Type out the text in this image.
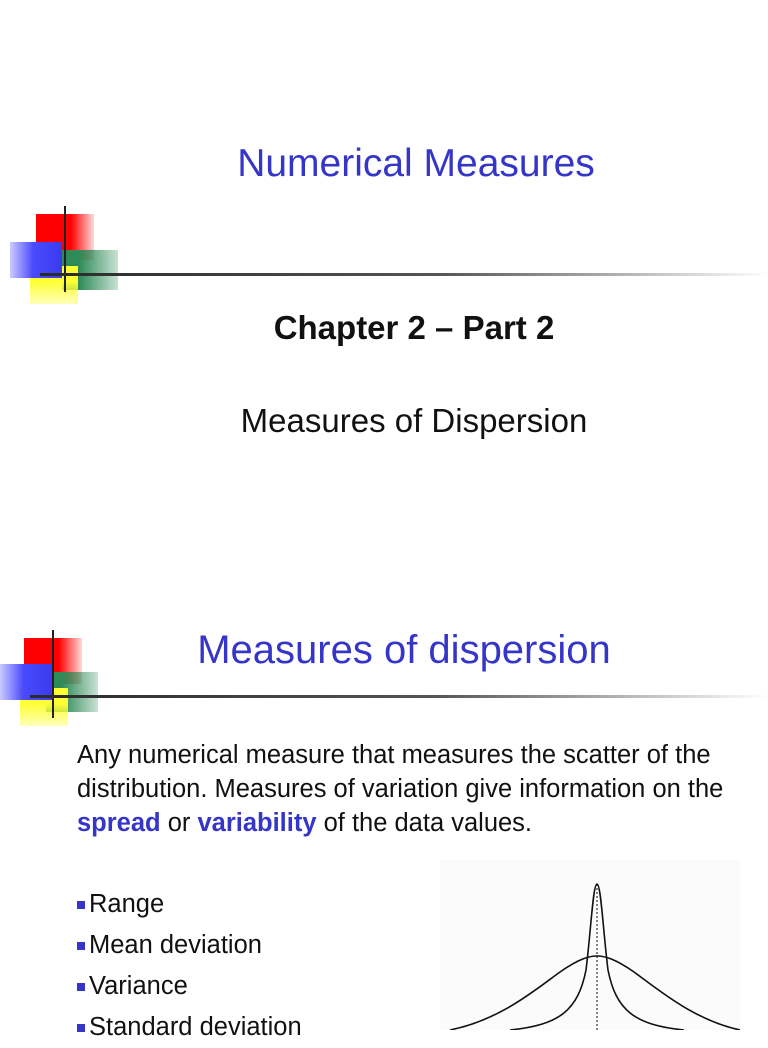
Numerical Measures
Chapter 2 – Part 2
Measures of Dispersion
Measures of dispersion
Any numerical measure that measures the scatter of the distribution. Measures of variation give information on the spread or variability of the data values.
Range
Mean deviation
Variance
Standard deviation
